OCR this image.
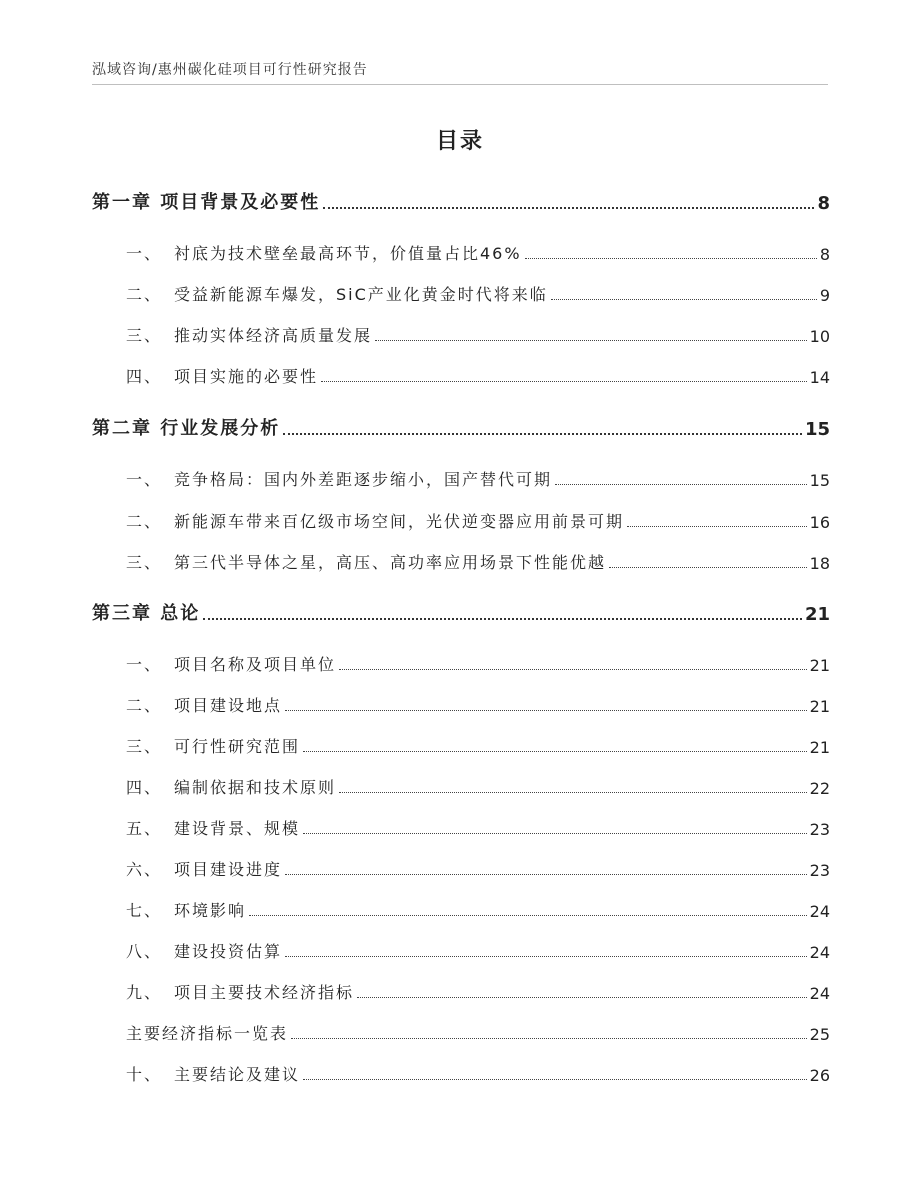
泓域咨询/惠州碳化硅项目可行性研究报告
目录
第一章 项目背景及必要性	8
一、 衬底为技术壁垒最高环节，价值量占比46%	8
二、 受益新能源车爆发，SiC产业化黄金时代将来临	9
三、 推动实体经济高质量发展	10
四、 项目实施的必要性	14
第二章 行业发展分析	15
一、 竞争格局：国内外差距逐步缩小，国产替代可期	15
二、 新能源车带来百亿级市场空间，光伏逆变器应用前景可期	16
三、 第三代半导体之星，高压、高功率应用场景下性能优越	18
第三章 总论	21
一、 项目名称及项目单位	21
二、 项目建设地点	21
三、 可行性研究范围	21
四、 编制依据和技术原则	22
五、 建设背景、规模	23
六、 项目建设进度	23
七、 环境影响	24
八、 建设投资估算	24
九、 项目主要技术经济指标	24
主要经济指标一览表	25
十、 主要结论及建议	26
